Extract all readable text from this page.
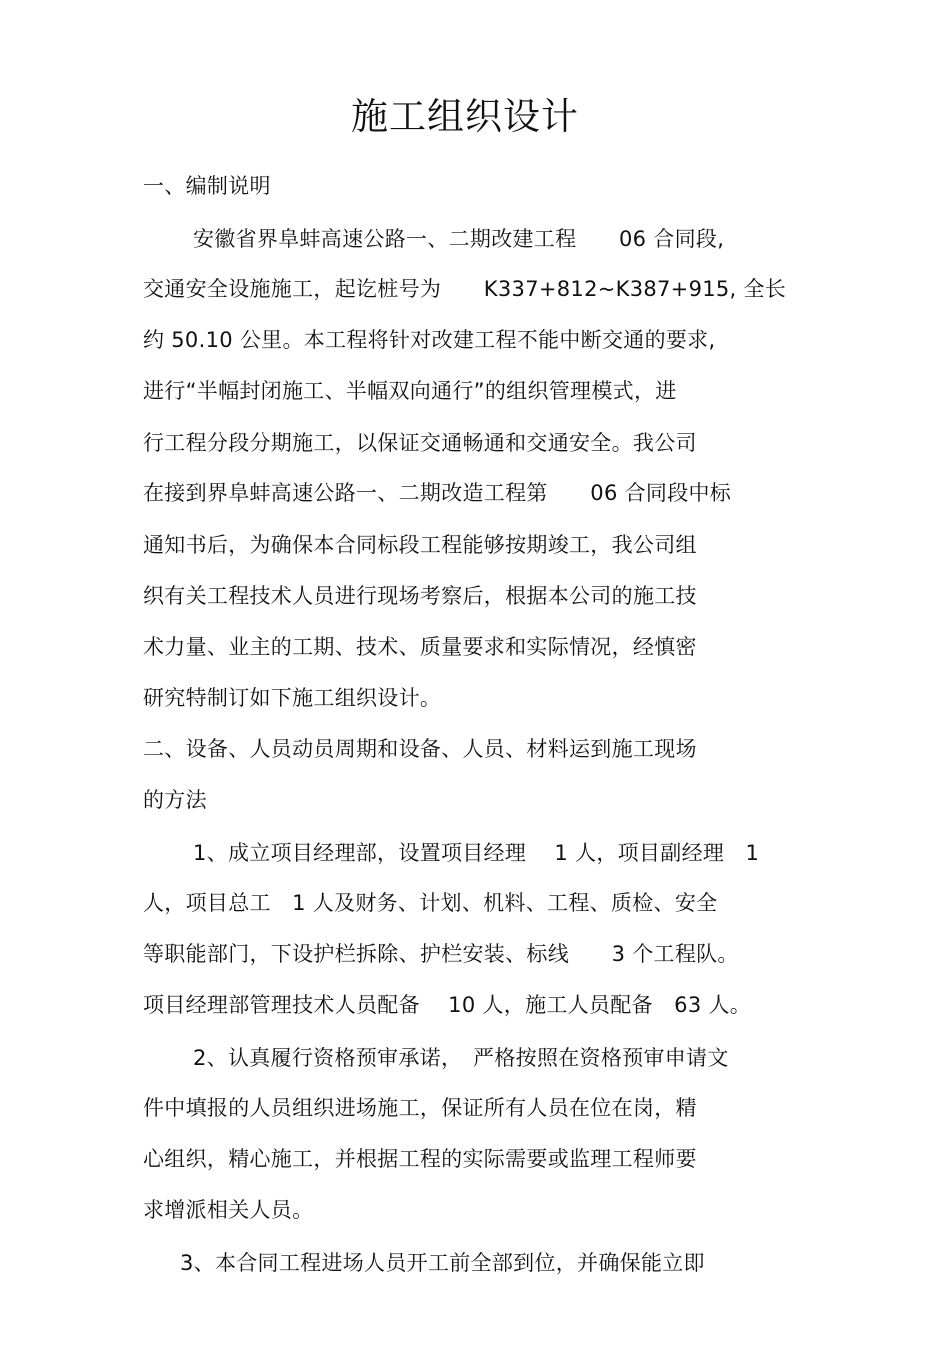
施工组织设计
一、编制说明
安徽省界阜蚌高速公路一、二期改建工程　　06 合同段,
交通安全设施施工，起讫桩号为　　K337+812~K387+915, 全长
约 50.10 公里。本工程将针对改建工程不能中断交通的要求,
进行“半幅封闭施工、半幅双向通行”的组织管理模式，进
行工程分段分期施工，以保证交通畅通和交通安全。我公司
在接到界阜蚌高速公路一、二期改造工程第　　06 合同段中标
通知书后，为确保本合同标段工程能够按期竣工，我公司组
织有关工程技术人员进行现场考察后，根据本公司的施工技
术力量、业主的工期、技术、质量要求和实际情况，经慎密
研究特制订如下施工组织设计。
二、设备、人员动员周期和设备、人员、材料运到施工现场
的方法
1、成立项目经理部，设置项目经理　 1 人，项目副经理　1
人，项目总工　1 人及财务、计划、机料、工程、质检、安全
等职能部门，下设护栏拆除、护栏安装、标线　　3 个工程队。
项目经理部管理技术人员配备　 10 人，施工人员配备　63 人。
2、认真履行资格预审承诺，　严格按照在资格预审申请文
件中填报的人员组织进场施工，保证所有人员在位在岗，精
心组织，精心施工，并根据工程的实际需要或监理工程师要
求增派相关人员。
3、本合同工程进场人员开工前全部到位，并确保能立即
